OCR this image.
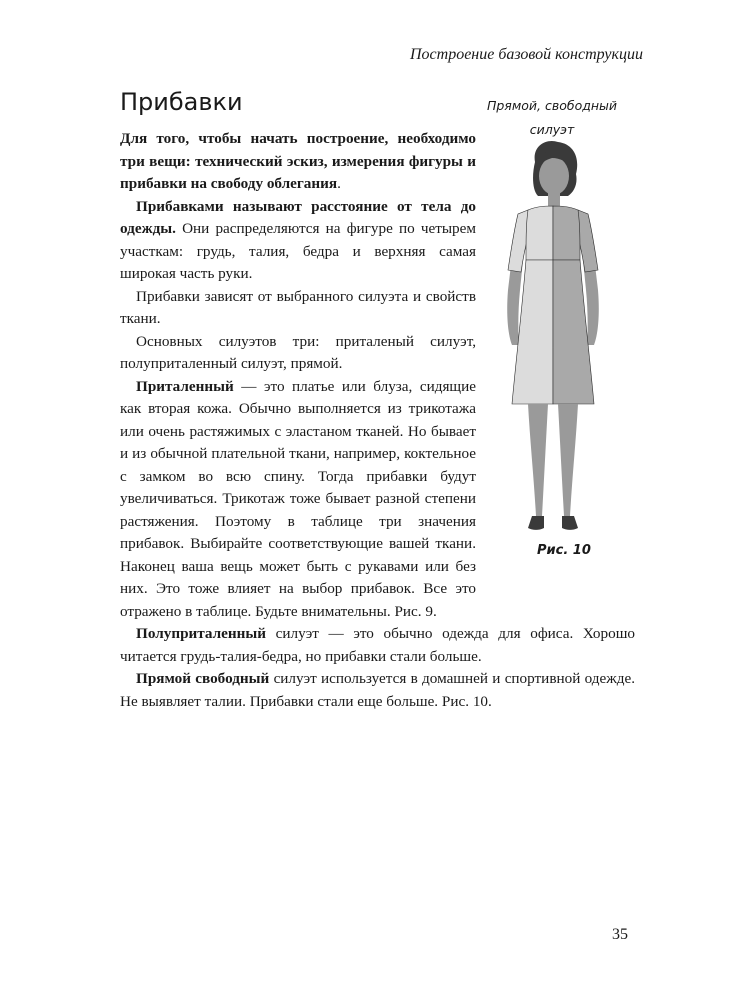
Построение базовой конструкции
Прибавки	Прямой, свободный
силуэт
Рис. 10

Для того, чтобы начать построение, необходимо три вещи: технический эскиз, измерения фигуры и прибавки на свободу облегания.

Прибавками называют расстояние от тела до одежды. Они распределяются на фигуре по четырем участкам: грудь, талия, бедра и верхняя самая широкая часть руки.

Прибавки зависят от выбранного силуэта и свойств ткани.

Основных силуэтов три: приталеный силуэт, полуприталенный силуэт, прямой.

Приталенный — это платье или блуза, сидящие как вторая кожа. Обычно выполняется из трикотажа или очень растяжимых с эластаном тканей. Но бывает и из обычной плательной ткани, например, коктельное с замком во всю спину. Тогда прибавки будут увеличиваться. Трикотаж тоже бывает разной степени растяжения. Поэтому в таблице три значения прибавок. Выбирайте соответствующие вашей ткани. Наконец ваша вещь может быть с рукавами или без них. Это тоже влияет на выбор прибавок. Все это отражено в таблице. Будьте внимательны. Рис. 9.

Полуприталенный силуэт — это обычно одежда для офиса. Хорошо читается грудь-талия-бедра, но прибавки стали больше.

Прямой свободный силуэт используется в домашней и спортивной одежде. Не выявляет талии. Прибавки стали еще больше. Рис. 10.

35
